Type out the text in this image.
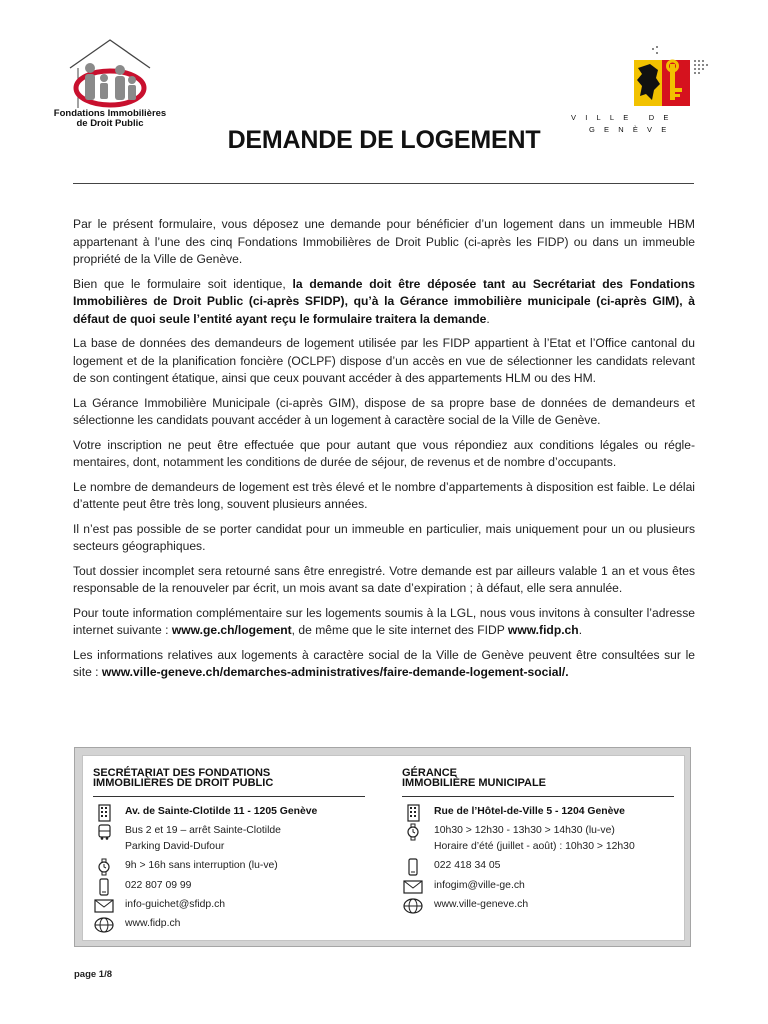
Fondations Immobilières
de Droit Public
VILLE DE
GENÈVE
DEMANDE DE LOGEMENT

Par le présent formulaire, vous déposez une demande pour bénéficier d’un logement dans un immeuble HBM appartenant à l’une des cinq Fondations Immobilières de Droit Public (ci-après les FIDP) ou dans un immeuble propriété de la Ville de Genève.

Bien que le formulaire soit identique, la demande doit être déposée tant au Secrétariat des Fondations Immobilières de Droit Public (ci-après SFIDP), qu’à la Gérance immobilière municipale (ci-après GIM), à défaut de quoi seule l’entité ayant reçu le formulaire traitera la demande.

La base de données des demandeurs de logement utilisée par les FIDP appartient à l’Etat et l’Office cantonal du logement et de la planification foncière (OCLPF) dispose d’un accès en vue de sélectionner les candidats relevant de son contingent étatique, ainsi que ceux pouvant accéder à des appartements HLM ou des HM.

La Gérance Immobilière Municipale (ci-après GIM), dispose de sa propre base de données de demandeurs et sélectionne les candidats pouvant accéder à un logement à caractère social de la Ville de Genève.

Votre inscription ne peut être effectuée que pour autant que vous répondiez aux conditions légales ou réglementaires, dont, notamment les conditions de durée de séjour, de revenus et de nombre d’occupants.

Le nombre de demandeurs de logement est très élevé et le nombre d’appartements à disposition est faible. Le délai d’attente peut être très long, souvent plusieurs années.

Il n’est pas possible de se porter candidat pour un immeuble en particulier, mais uniquement pour un ou plusieurs secteurs géographiques.

Tout dossier incomplet sera retourné sans être enregistré. Votre demande est par ailleurs valable 1 an et vous êtes responsable de la renouveler par écrit, un mois avant sa date d’expiration ; à défaut, elle sera annulée.

Pour toute information complémentaire sur les logements soumis à la LGL, nous vous invitons à consulter l’adresse internet suivante : www.ge.ch/logement, de même que le site internet des FIDP www.fidp.ch.

Les informations relatives aux logements à caractère social de la Ville de Genève peuvent être consultées sur le site : www.ville-geneve.ch/demarches-administratives/faire-demande-logement-social/.

SECRÉTARIAT DES FONDATIONS
IMMOBILIÈRES DE DROIT PUBLIC
Av. de Sainte-Clotilde 11 - 1205 Genève
Bus 2 et 19 – arrêt Sainte-Clotilde
Parking David-Dufour
9h > 16h sans interruption (lu-ve)
022 807 09 99
info-guichet@sfidp.ch
www.fidp.ch
GÉRANCE
IMMOBILIÈRE MUNICIPALE
Rue de l’Hôtel-de-Ville 5 - 1204 Genève
10h30 > 12h30 - 13h30 > 14h30 (lu-ve)
Horaire d’été (juillet - août) : 10h30 > 12h30
022 418 34 05
infogim@ville-ge.ch
www.ville-geneve.ch
page 1/8
